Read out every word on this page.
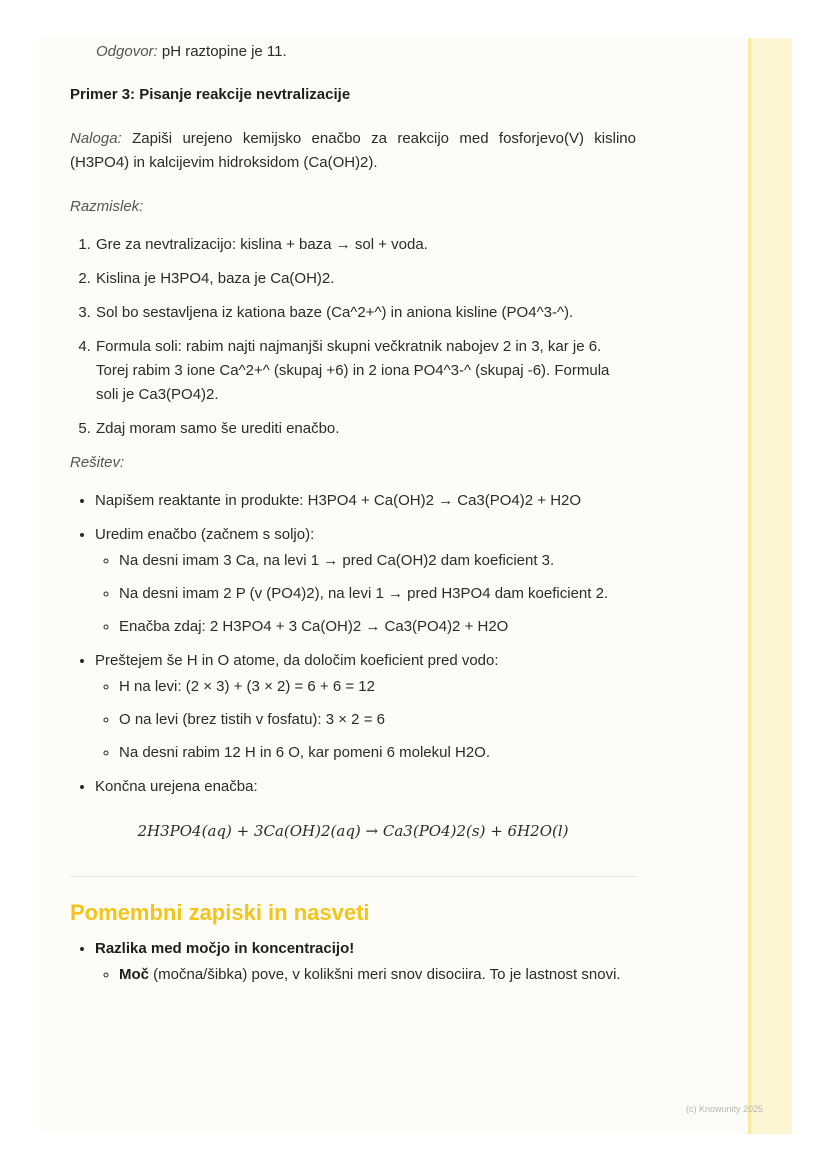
Odgovor: pH raztopine je 11.

Primer 3: Pisanje reakcije nevtralizacije

Naloga: Zapiši urejeno kemijsko enačbo za reakcijo med fosforjevo(V) kislino (H3PO4) in kalcijevim hidroksidom (Ca(OH)2).

Razmislek:

1. Gre za nevtralizacijo: kislina + baza → sol + voda.
2. Kislina je H3PO4, baza je Ca(OH)2.
3. Sol bo sestavljena iz kationa baze (Ca^2+^) in aniona kisline (PO4^3-^).
4. Formula soli: rabim najti najmanjši skupni večkratnik nabojev 2 in 3, kar je 6. Torej rabim 3 ione Ca^2+^ (skupaj +6) in 2 iona PO4^3-^ (skupaj -6). Formula soli je Ca3(PO4)2.
5. Zdaj moram samo še urediti enačbo.

Rešitev:

• Napišem reaktante in produkte: H3PO4 + Ca(OH)2 → Ca3(PO4)2 + H2O
• Uredim enačbo (začnem s soljo):
◦ Na desni imam 3 Ca, na levi 1 → pred Ca(OH)2 dam koeficient 3.
◦ Na desni imam 2 P (v (PO4)2), na levi 1 → pred H3PO4 dam koeficient 2.
◦ Enačba zdaj: 2 H3PO4 + 3 Ca(OH)2 → Ca3(PO4)2 + H2O
• Preštejem še H in O atome, da določim koeficient pred vodo:
◦ H na levi: (2 × 3) + (3 × 2) = 6 + 6 = 12
◦ O na levi (brez tistih v fosfatu): 3 × 2 = 6
◦ Na desni rabim 12 H in 6 O, kar pomeni 6 molekul H2O.
• Končna urejena enačba:
2H3PO4(aq) + 3Ca(OH)2(aq) → Ca3(PO4)2(s) + 6H2O(l)
Pomembni zapiski in nasveti
• Razlika med močjo in koncentracijo!
◦ Moč (močna/šibka) pove, v kolikšni meri snov disociira. To je lastnost snovi.
(c) Knowunity 2025
